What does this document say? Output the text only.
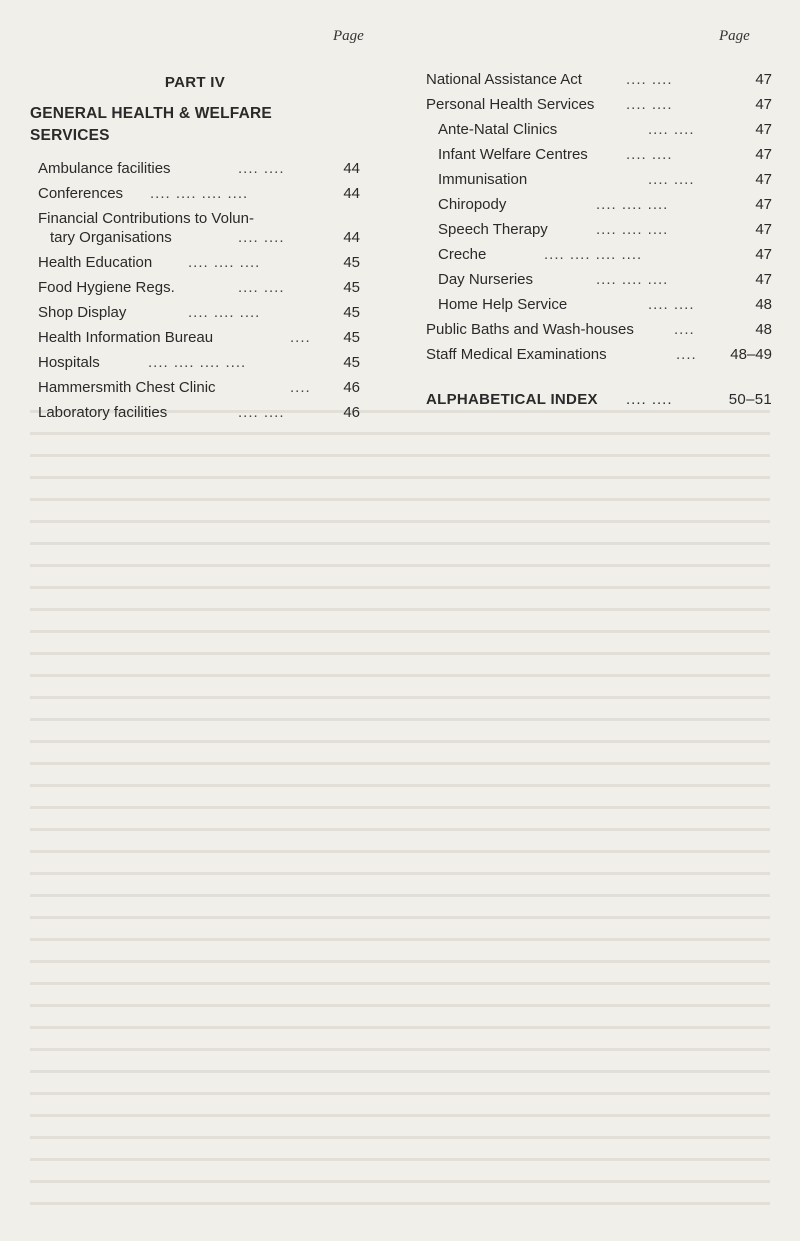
Page	Page
PART IV
GENERAL HEALTH & WELFARE
SERVICES
Ambulance facilities	.... ....	44
Conferences .... .... .... ....	44
Financial Contributions to Volun-
tary Organisations	.... ....	44
Health Education .... .... ....	45
Food Hygiene Regs.	.... ....	45
Shop Display	.... .... ....	45
Health Information Bureau	.... 45
Hospitals	.... .... .... ....	45
Hammersmith Chest Clinic	.... 46
Laboratory facilities	.... ....	46
National Assistance Act	.... ....	47
Personal Health Services .... ....	47
Ante-Natal Clinics	.... ....	47
Infant Welfare Centres	.... ....	47
Immunisation	.... ....	47
Chiropody	.... .... ....	47
Speech Therapy	.... .... ....	47
Creche	.... .... .... ....	47
Day Nurseries	.... .... ....	47
Home Help Service	.... ....	48
Public Baths and Wash-houses	....	48
Staff Medical Examinations	.... 48–49
ALPHABETICAL INDEX .... ....	50–51
